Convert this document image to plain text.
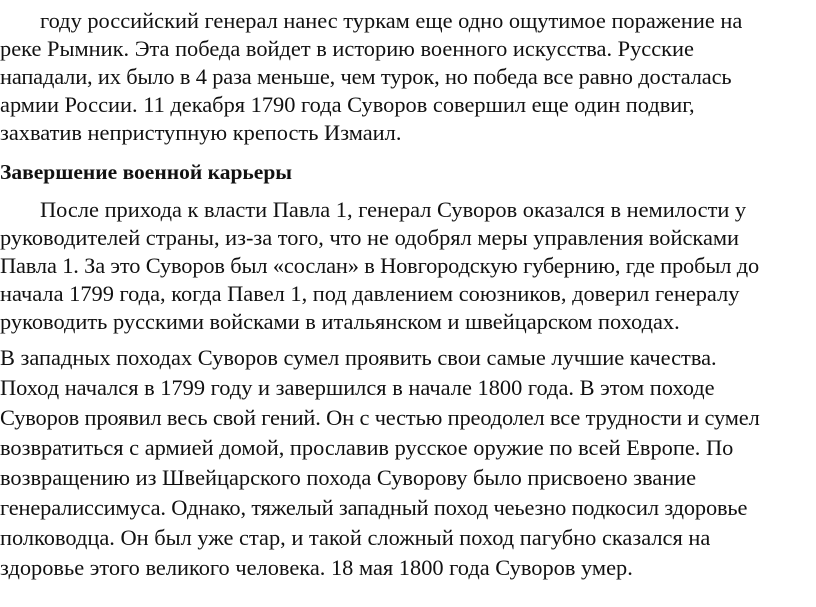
году российский генерал нанес туркам еще одно ощутимое поражение на
реке Рымник. Эта победа войдет в историю военного искусства. Русские
нападали, их было в 4 раза меньше, чем турок, но победа все равно досталась
армии России. 11 декабря 1790 года Суворов совершил еще один подвиг,
захватив неприступную крепость Измаил.
Завершение военной карьеры
После прихода к власти Павла 1, генерал Суворов оказался в немилости у
руководителей страны, из-за того, что не одобрял меры управления войсками
Павла 1. За это Суворов был «сослан» в Новгородскую губернию, где пробыл до
начала 1799 года, когда Павел 1, под давлением союзников, доверил генералу
руководить русскими войсками в итальянском и швейцарском походах.
В западных походах Суворов сумел проявить свои самые лучшие качества.
Поход начался в 1799 году и завершился в начале 1800 года. В этом походе
Суворов проявил весь свой гений. Он с честью преодолел все трудности и сумел
возвратиться с армией домой, прославив русское оружие по всей Европе. По
возвращению из Швейцарского похода Суворову было присвоено звание
генералиссимуса. Однако, тяжелый западный поход чеьезно подкосил здоровье
полководца. Он был уже стар, и такой сложный поход пагубно сказался на
здоровье этого великого человека. 18 мая 1800 года Суворов умер.
